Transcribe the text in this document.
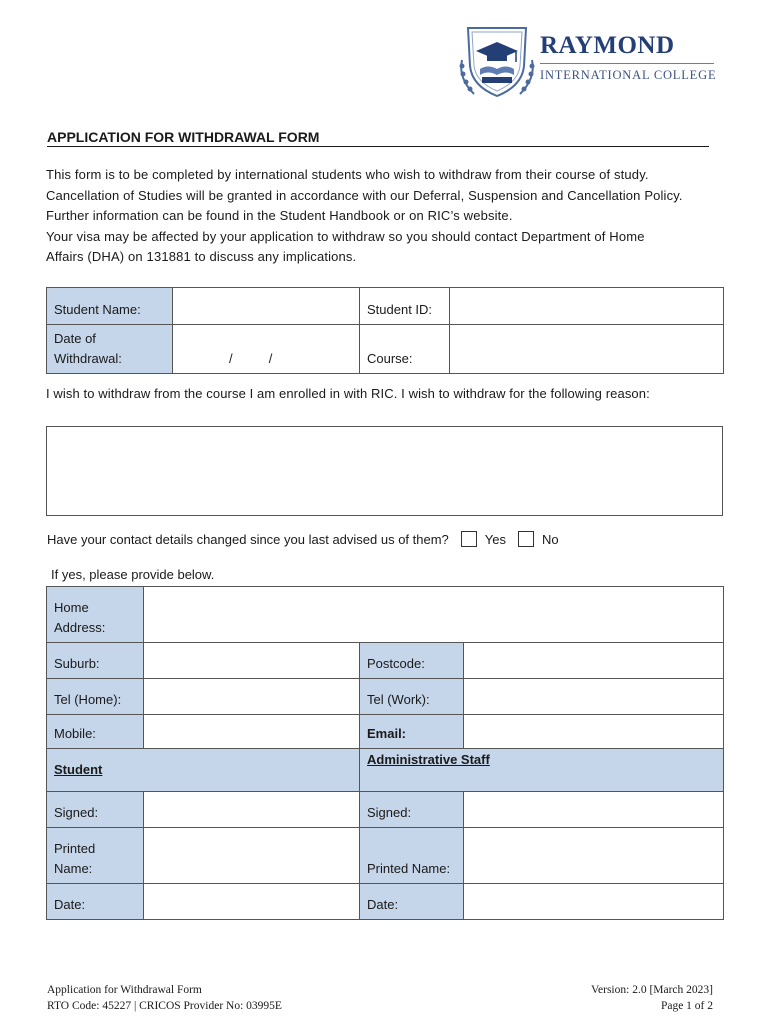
RAYMOND
INTERNATIONAL COLLEGE
APPLICATION FOR WITHDRAWAL FORM

This form is to be completed by international students who wish to withdraw from their course of study.

Cancellation of Studies will be granted in accordance with our Deferral, Suspension and Cancellation Policy.

Further information can be found in the Student Handbook or on RIC’s website.

Your visa may be affected by your application to withdraw so you should contact Department of Home

Affairs (DHA) on 131881 to discuss any implications.

Student Name:		Student ID:	

Date of
Withdrawal:	/          /	Course:	
I wish to withdraw from the course I am enrolled in with RIC. I wish to withdraw for the following reason:
Have your contact details changed since you last advised us of them?	Yes	No
If yes, please provide below.
Home
Address:			

Suburb:		Postcode:	
Tel (Home):		Tel (Work):	
Mobile:		Email:	
Student		Administrative Staff	
Signed:		Signed:	

Printed
Name:		Printed Name:	
Date:		Date:	
Application for Withdrawal Form
RTO Code: 45227 | CRICOS Provider No: 03995E
Version: 2.0 [March 2023]
Page 1 of 2
